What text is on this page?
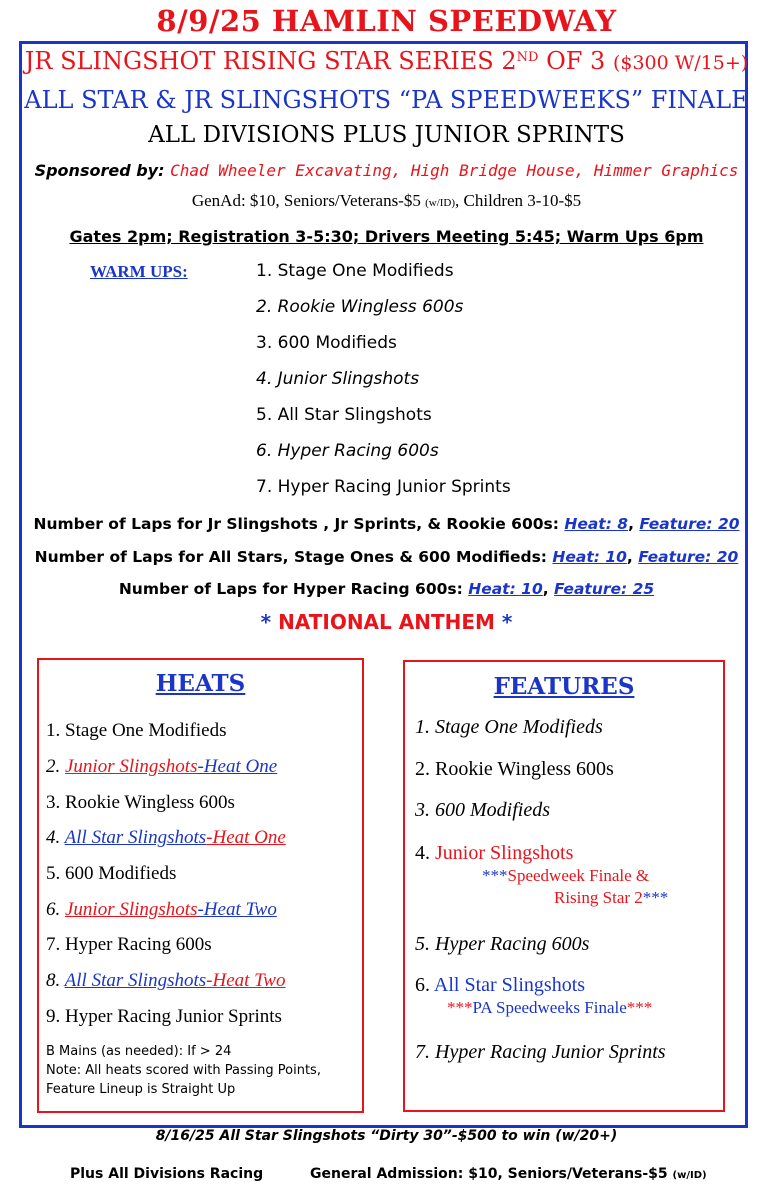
8/9/25 HAMLIN SPEEDWAY
JR SLINGSHOT RISING STAR SERIES 2ND OF 3 ($300 W/15+)
ALL STAR & JR SLINGSHOTS “PA SPEEDWEEKS” FINALE
ALL DIVISIONS PLUS JUNIOR SPRINTS
Sponsored by: Chad Wheeler Excavating, High Bridge House, Himmer Graphics
GenAd: $10, Seniors/Veterans-$5 (w/ID), Children 3-10-$5
Gates 2pm; Registration 3-5:30; Drivers Meeting 5:45; Warm Ups 6pm
WARM UPS:	1. Stage One Modifieds
2. Rookie Wingless 600s
3. 600 Modifieds
4. Junior Slingshots
5. All Star Slingshots
6. Hyper Racing 600s
7. Hyper Racing Junior Sprints
Number of Laps for Jr Slingshots , Jr Sprints, & Rookie 600s: Heat: 8, Feature: 20
Number of Laps for All Stars, Stage Ones & 600 Modifieds: Heat: 10, Feature: 20
Number of Laps for Hyper Racing 600s: Heat: 10, Feature: 25
* NATIONAL ANTHEM *
HEATS
1. Stage One Modifieds
2. Junior Slingshots-Heat One
3. Rookie Wingless 600s
4. All Star Slingshots-Heat One
5. 600 Modifieds
6. Junior Slingshots-Heat Two
7. Hyper Racing 600s
8. All Star Slingshots-Heat Two
9. Hyper Racing Junior Sprints
B Mains (as needed): If > 24
Note: All heats scored with Passing Points,
Feature Lineup is Straight Up
FEATURES
1. Stage One Modifieds
2. Rookie Wingless 600s
3. 600 Modifieds
4. Junior Slingshots
***Speedweek Finale &
Rising Star 2***
5. Hyper Racing 600s
6. All Star Slingshots
***PA Speedweeks Finale***
7. Hyper Racing Junior Sprints
8/16/25 All Star Slingshots “Dirty 30”-$500 to win (w/20+)
Plus All Divisions Racing	General Admission: $10, Seniors/Veterans-$5 (w/ID)
